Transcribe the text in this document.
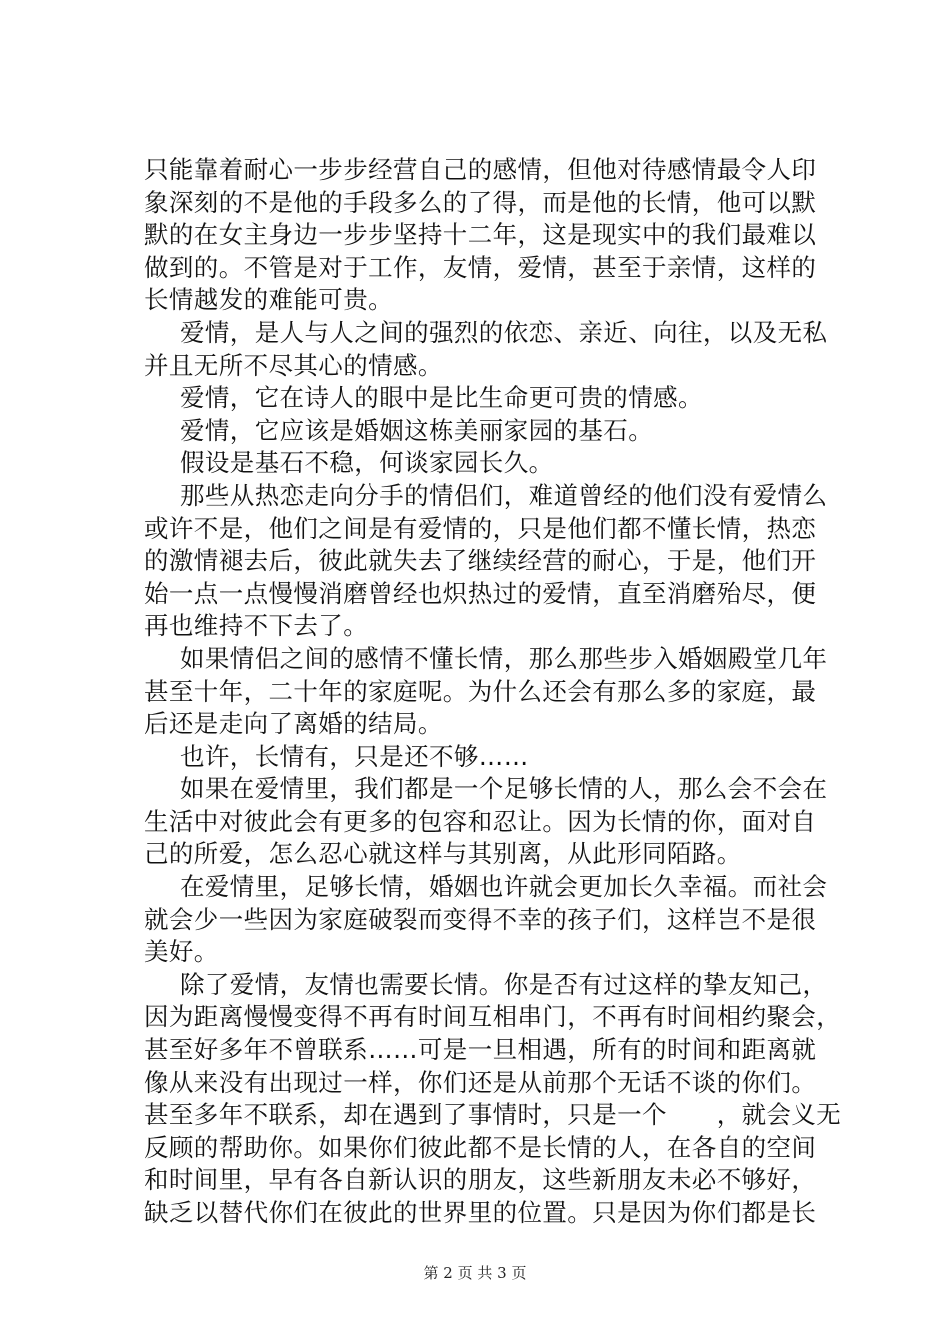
只能靠着耐心一步步经营自己的感情，但他对待感情最令人印
象深刻的不是他的手段多么的了得，而是他的长情，他可以默
默的在女主身边一步步坚持十二年，这是现实中的我们最难以
做到的。不管是对于工作，友情，爱情，甚至于亲情，这样的
长情越发的难能可贵。
爱情，是人与人之间的强烈的依恋、亲近、向往，以及无私
并且无所不尽其心的情感。
爱情，它在诗人的眼中是比生命更可贵的情感。
爱情，它应该是婚姻这栋美丽家园的基石。
假设是基石不稳，何谈家园长久。
那些从热恋走向分手的情侣们，难道曾经的他们没有爱情么
或许不是，他们之间是有爱情的，只是他们都不懂长情，热恋
的激情褪去后，彼此就失去了继续经营的耐心，于是，他们开
始一点一点慢慢消磨曾经也炽热过的爱情，直至消磨殆尽，便
再也维持不下去了。
如果情侣之间的感情不懂长情，那么那些步入婚姻殿堂几年
甚至十年，二十年的家庭呢。为什么还会有那么多的家庭，最
后还是走向了离婚的结局。
也许，长情有，只是还不够……
如果在爱情里，我们都是一个足够长情的人，那么会不会在
生活中对彼此会有更多的包容和忍让。因为长情的你，面对自
己的所爱，怎么忍心就这样与其别离，从此形同陌路。
在爱情里，足够长情，婚姻也许就会更加长久幸福。而社会
就会少一些因为家庭破裂而变得不幸的孩子们，这样岂不是很
美好。
除了爱情，友情也需要长情。你是否有过这样的挚友知己，
因为距离慢慢变得不再有时间互相串门，不再有时间相约聚会，
甚至好多年不曾联系……可是一旦相遇，所有的时间和距离就
像从来没有出现过一样，你们还是从前那个无话不谈的你们。
甚至多年不联系，却在遇到了事情时，只是一个　　，就会义无
反顾的帮助你。如果你们彼此都不是长情的人，在各自的空间
和时间里，早有各自新认识的朋友，这些新朋友未必不够好，
缺乏以替代你们在彼此的世界里的位置。只是因为你们都是长
第 2 页 共 3 页
